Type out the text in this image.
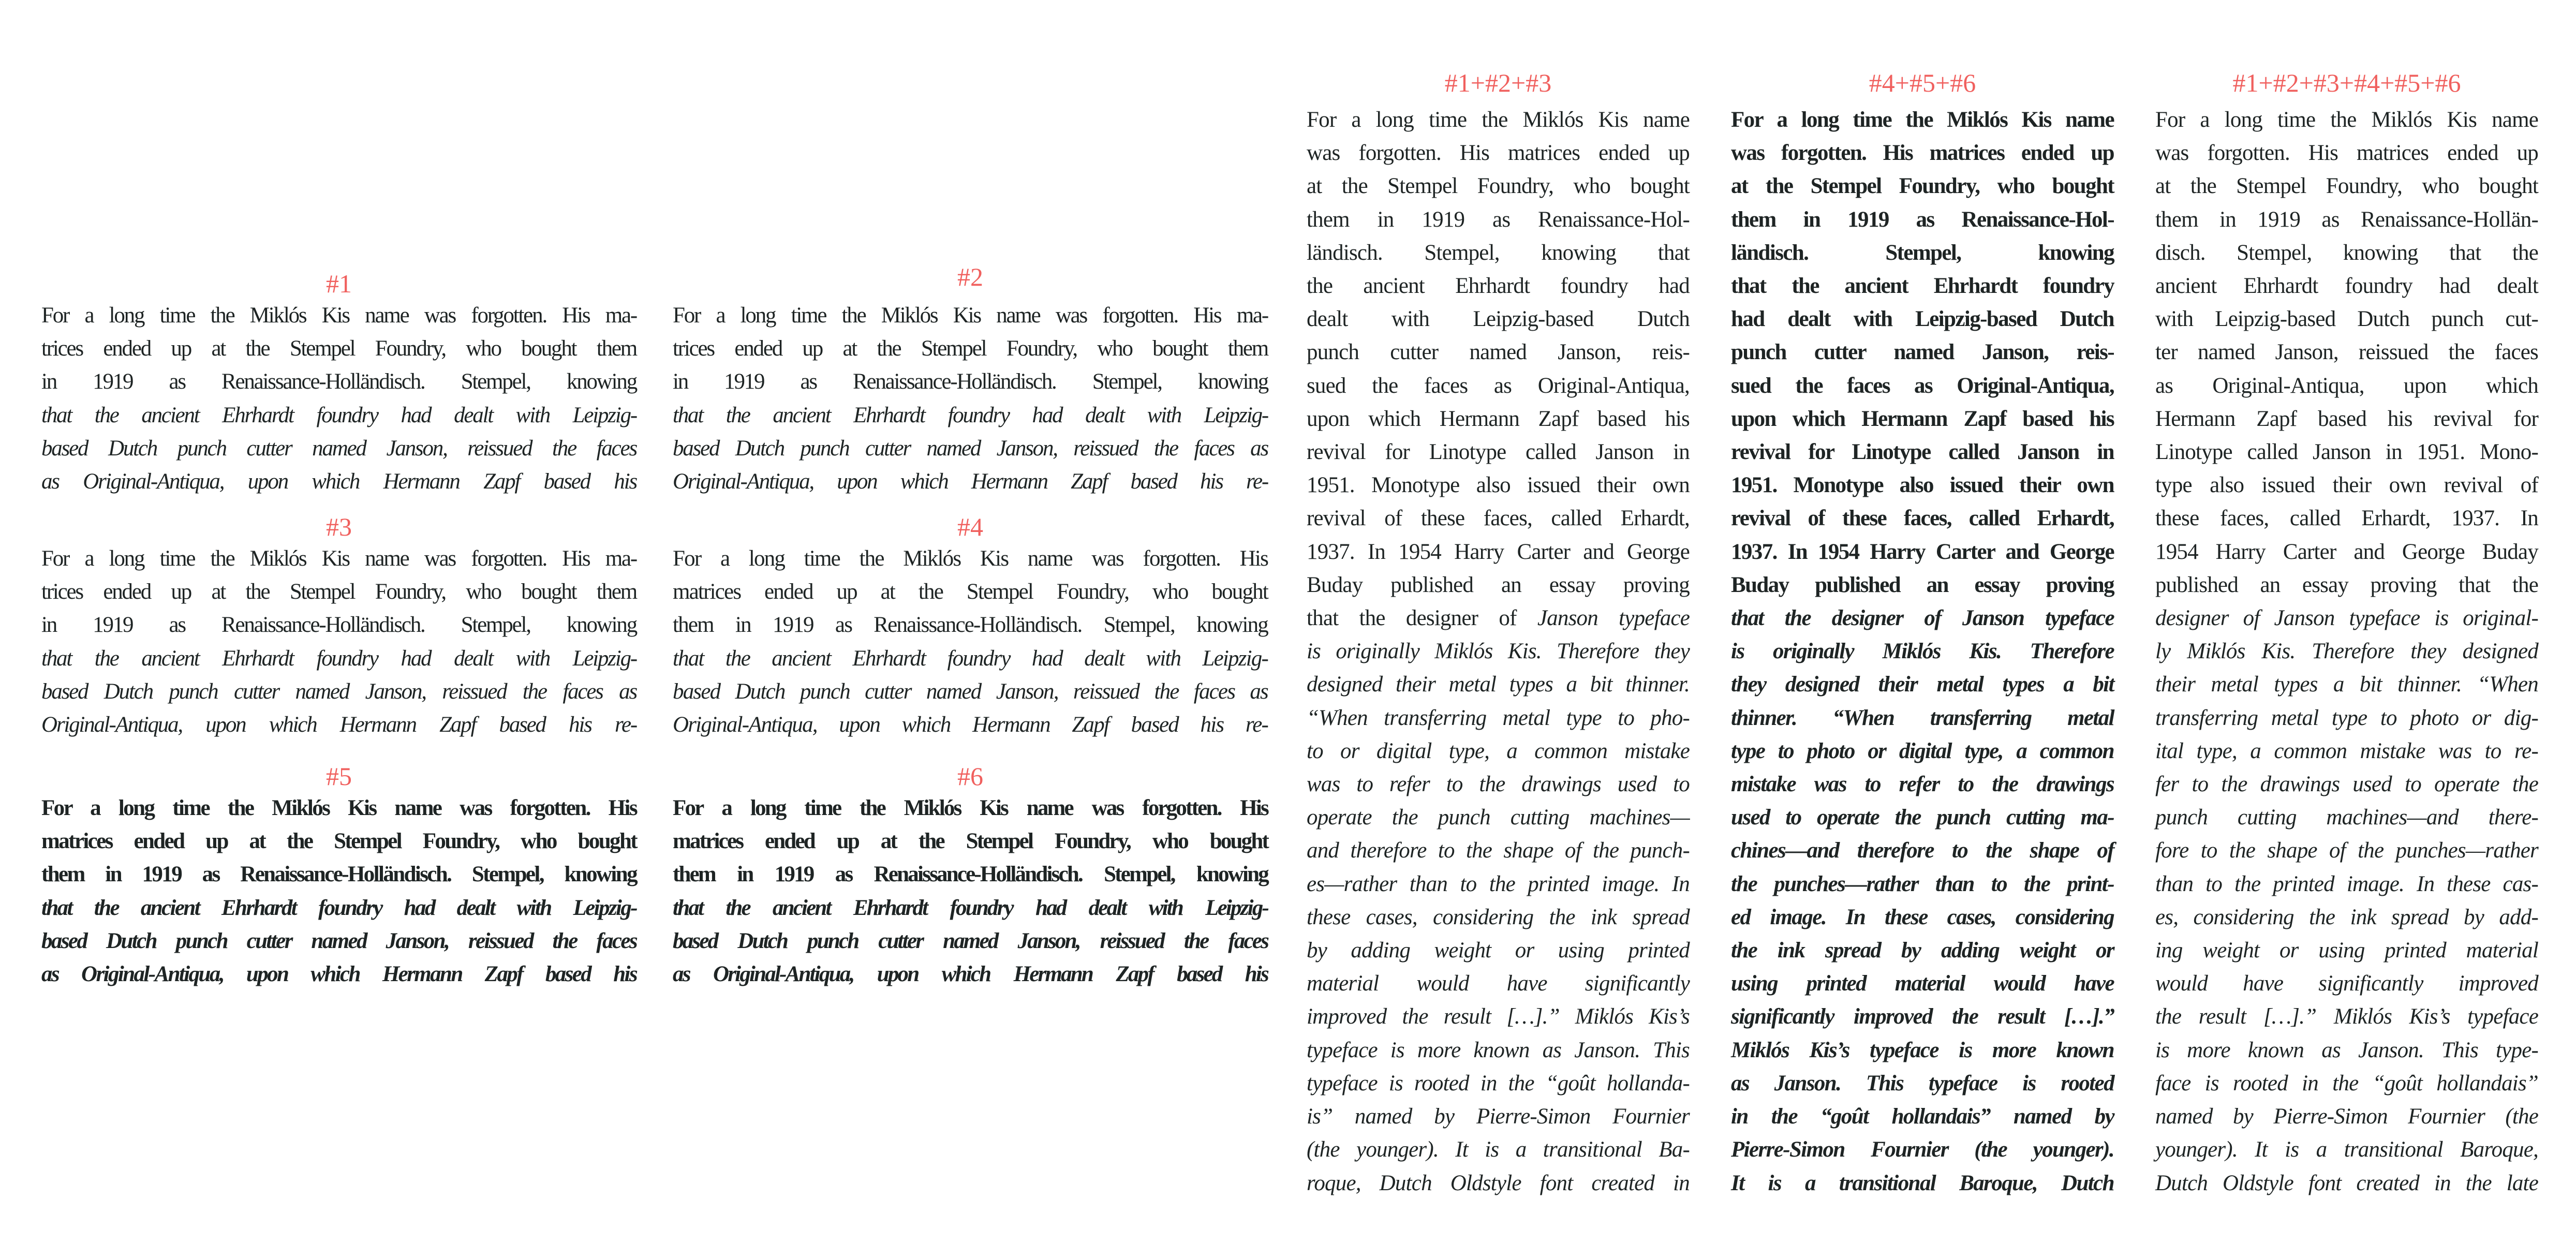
#1
For a long time the Miklós Kis name was forgotten. His ma-
trices ended up at the Stempel Foundry, who bought them
in 1919 as Renaissance-Holländisch. Stempel, knowing
that the ancient Ehrhardt foundry had dealt with Leipzig-
based Dutch punch cutter named Janson, reissued the faces
as Original-Antiqua, upon which Hermann Zapf based his
#2
For a long time the Miklós Kis name was forgotten. His ma-
trices ended up at the Stempel Foundry, who bought them
in 1919 as Renaissance-Holländisch. Stempel, knowing
that the ancient Ehrhardt foundry had dealt with Leipzig-
based Dutch punch cutter named Janson, reissued the faces as
Original-Antiqua, upon which Hermann Zapf based his re-
#3
For a long time the Miklós Kis name was forgotten. His ma-
trices ended up at the Stempel Foundry, who bought them
in 1919 as Renaissance-Holländisch. Stempel, knowing
that the ancient Ehrhardt foundry had dealt with Leipzig-
based Dutch punch cutter named Janson, reissued the faces as
Original-Antiqua, upon which Hermann Zapf based his re-
#4
For a long time the Miklós Kis name was forgotten. His
matrices ended up at the Stempel Foundry, who bought
them in 1919 as Renaissance-Holländisch. Stempel, knowing
that the ancient Ehrhardt foundry had dealt with Leipzig-
based Dutch punch cutter named Janson, reissued the faces as
Original-Antiqua, upon which Hermann Zapf based his re-
#5
For a long time the Miklós Kis name was forgotten. His
matrices ended up at the Stempel Foundry, who bought
them in 1919 as Renaissance-Holländisch. Stempel, knowing
that the ancient Ehrhardt foundry had dealt with Leipzig-
based Dutch punch cutter named Janson, reissued the faces
as Original-Antiqua, upon which Hermann Zapf based his
#6
For a long time the Miklós Kis name was forgotten. His
matrices ended up at the Stempel Foundry, who bought
them in 1919 as Renaissance-Holländisch. Stempel, knowing
that the ancient Ehrhardt foundry had dealt with Leipzig-
based Dutch punch cutter named Janson, reissued the faces
as Original-Antiqua, upon which Hermann Zapf based his
#1+#2+#3
For a long time the Miklós Kis name
was forgotten. His matrices ended up
at the Stempel Foundry, who bought
them in 1919 as Renaissance-Hol-
ländisch. Stempel, knowing that
the ancient Ehrhardt foundry had
dealt with Leipzig-based Dutch
punch cutter named Janson, reis-
sued the faces as Original-Antiqua,
upon which Hermann Zapf based his
revival for Linotype called Janson in
1951. Monotype also issued their own
revival of these faces, called Erhardt,
1937. In 1954 Harry Carter and George
Buday published an essay proving
that the designer of Janson typeface
is originally Miklós Kis. Therefore they
designed their metal types a bit thinner.
“When transferring metal type to pho-
to or digital type, a common mistake
was to refer to the drawings used to
operate the punch cutting machines—
and therefore to the shape of the punch-
es—rather than to the printed image. In
these cases, considering the ink spread
by adding weight or using printed
material would have significantly
improved the result […].” Miklós Kis’s
typeface is more known as Janson. This
typeface is rooted in the “goût hollanda-
is” named by Pierre-Simon Fournier
(the younger). It is a transitional Ba-
roque, Dutch Oldstyle font created in
#4+#5+#6
For a long time the Miklós Kis name
was forgotten. His matrices ended up
at the Stempel Foundry, who bought
them in 1919 as Renaissance-Hol-
ländisch. Stempel, knowing
that the ancient Ehrhardt foundry
had dealt with Leipzig-based Dutch
punch cutter named Janson, reis-
sued the faces as Original-Antiqua,
upon which Hermann Zapf based his
revival for Linotype called Janson in
1951. Monotype also issued their own
revival of these faces, called Erhardt,
1937. In 1954 Harry Carter and George
Buday published an essay proving
that the designer of Janson typeface
is originally Miklós Kis. Therefore
they designed their metal types a bit
thinner. “When transferring metal
type to photo or digital type, a common
mistake was to refer to the drawings
used to operate the punch cutting ma-
chines—and therefore to the shape of
the punches—rather than to the print-
ed image. In these cases, considering
the ink spread by adding weight or
using printed material would have
significantly improved the result […].”
Miklós Kis’s typeface is more known
as Janson. This typeface is rooted
in the “goût hollandais” named by
Pierre-Simon Fournier (the younger).
It is a transitional Baroque, Dutch
#1+#2+#3+#4+#5+#6
For a long time the Miklós Kis name
was forgotten. His matrices ended up
at the Stempel Foundry, who bought
them in 1919 as Renaissance-Hollän-
disch. Stempel, knowing that the
ancient Ehrhardt foundry had dealt
with Leipzig-based Dutch punch cut-
ter named Janson, reissued the faces
as Original-Antiqua, upon which
Hermann Zapf based his revival for
Linotype called Janson in 1951. Mono-
type also issued their own revival of
these faces, called Erhardt, 1937. In
1954 Harry Carter and George Buday
published an essay proving that the
designer of Janson typeface is original-
ly Miklós Kis. Therefore they designed
their metal types a bit thinner. “When
transferring metal type to photo or dig-
ital type, a common mistake was to re-
fer to the drawings used to operate the
punch cutting machines—and there-
fore to the shape of the punches—rather
than to the printed image. In these cas-
es, considering the ink spread by add-
ing weight or using printed material
would have significantly improved
the result […].” Miklós Kis’s typeface
is more known as Janson. This type-
face is rooted in the “goût hollandais”
named by Pierre-Simon Fournier (the
younger). It is a transitional Baroque,
Dutch Oldstyle font created in the late
